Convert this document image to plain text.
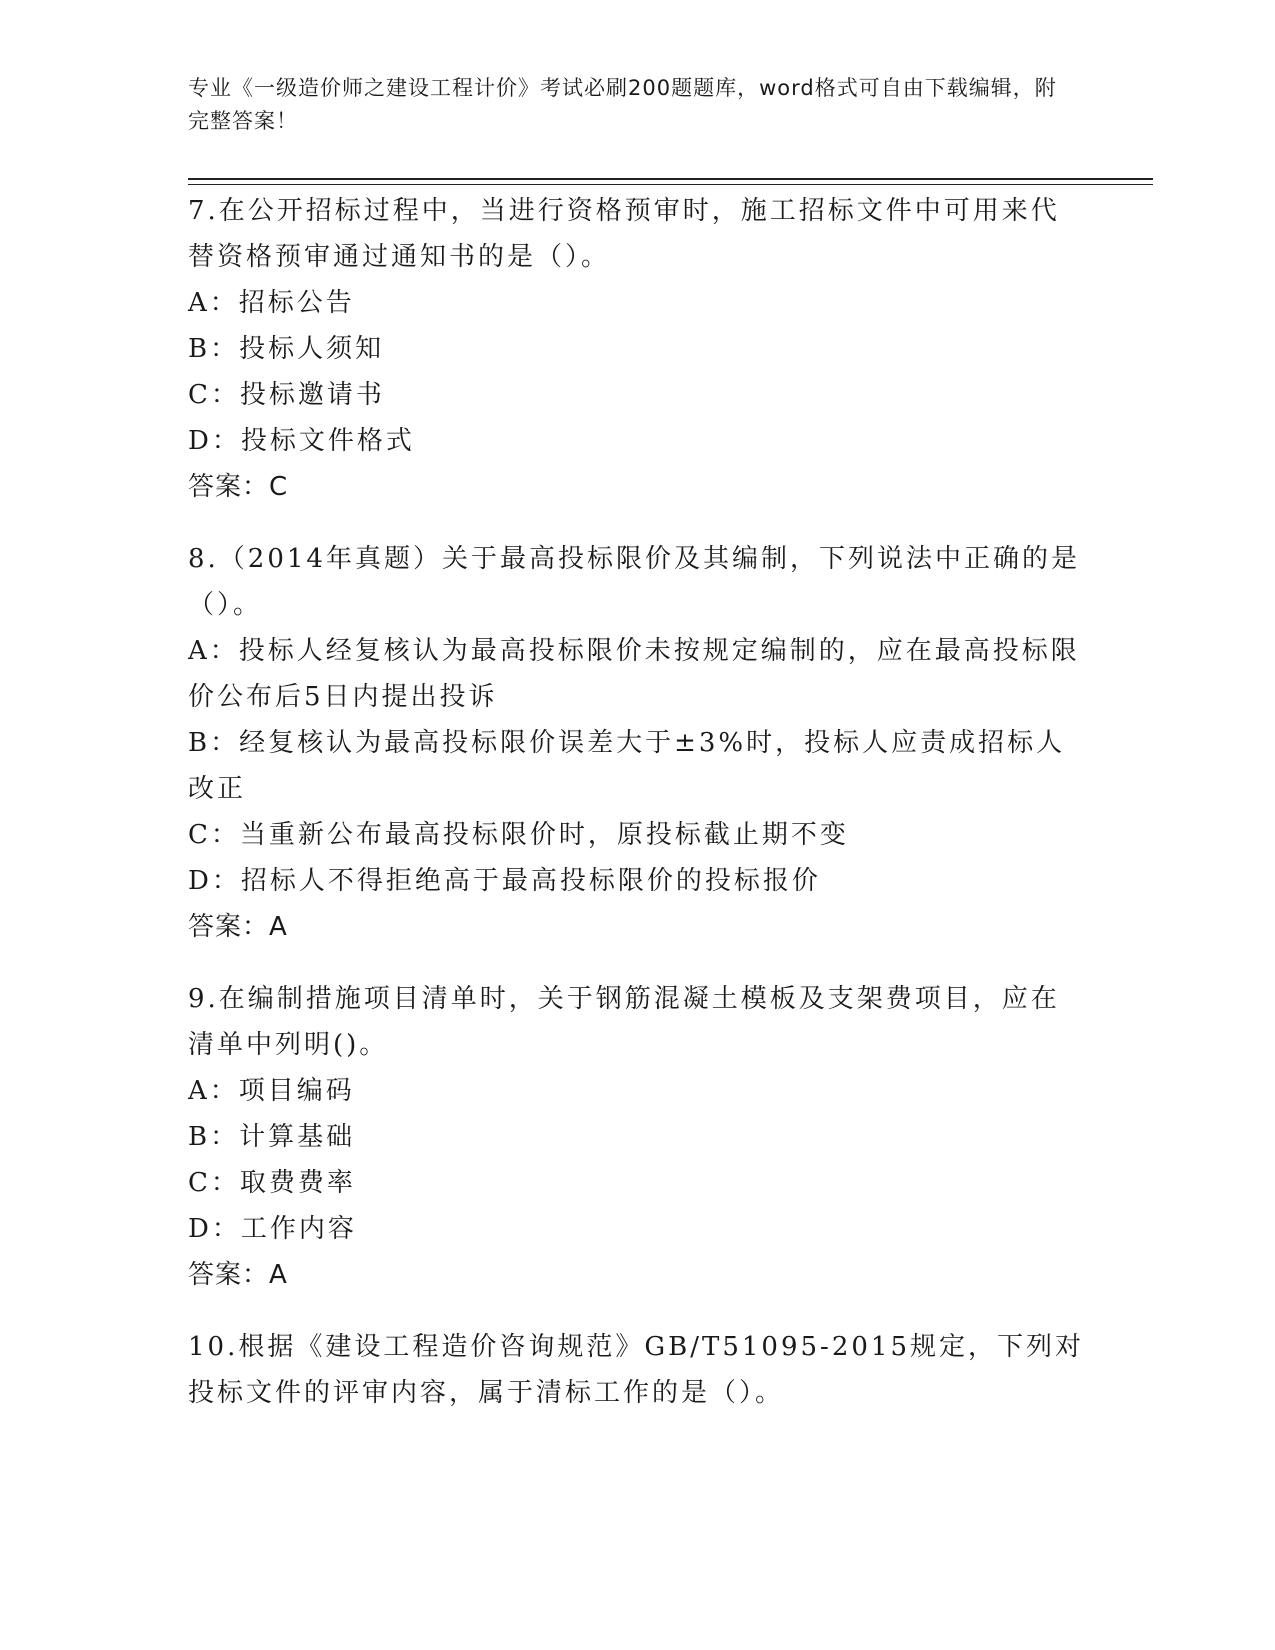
专业《一级造价师之建设工程计价》考试必刷200题题库，word格式可自由下载编辑，附完整答案！

7.在公开招标过程中，当进行资格预审时，施工招标文件中可用来代替资格预审通过通知书的是（）。

A：招标公告

B：投标人须知

C：投标邀请书

D：投标文件格式

答案：C

8.（2014年真题）关于最高投标限价及其编制，下列说法中正确的是（）。

A：投标人经复核认为最高投标限价未按规定编制的，应在最高投标限价公布后5日内提出投诉

B：经复核认为最高投标限价误差大于±3%时，投标人应责成招标人改正

C：当重新公布最高投标限价时，原投标截止期不变

D：招标人不得拒绝高于最高投标限价的投标报价

答案：A

9.在编制措施项目清单时，关于钢筋混凝土模板及支架费项目，应在清单中列明()。

A：项目编码

B：计算基础

C：取费费率

D：工作内容

答案：A

10.根据《建设工程造价咨询规范》GB/T51095-2015规定，下列对投标文件的评审内容，属于清标工作的是（）。
